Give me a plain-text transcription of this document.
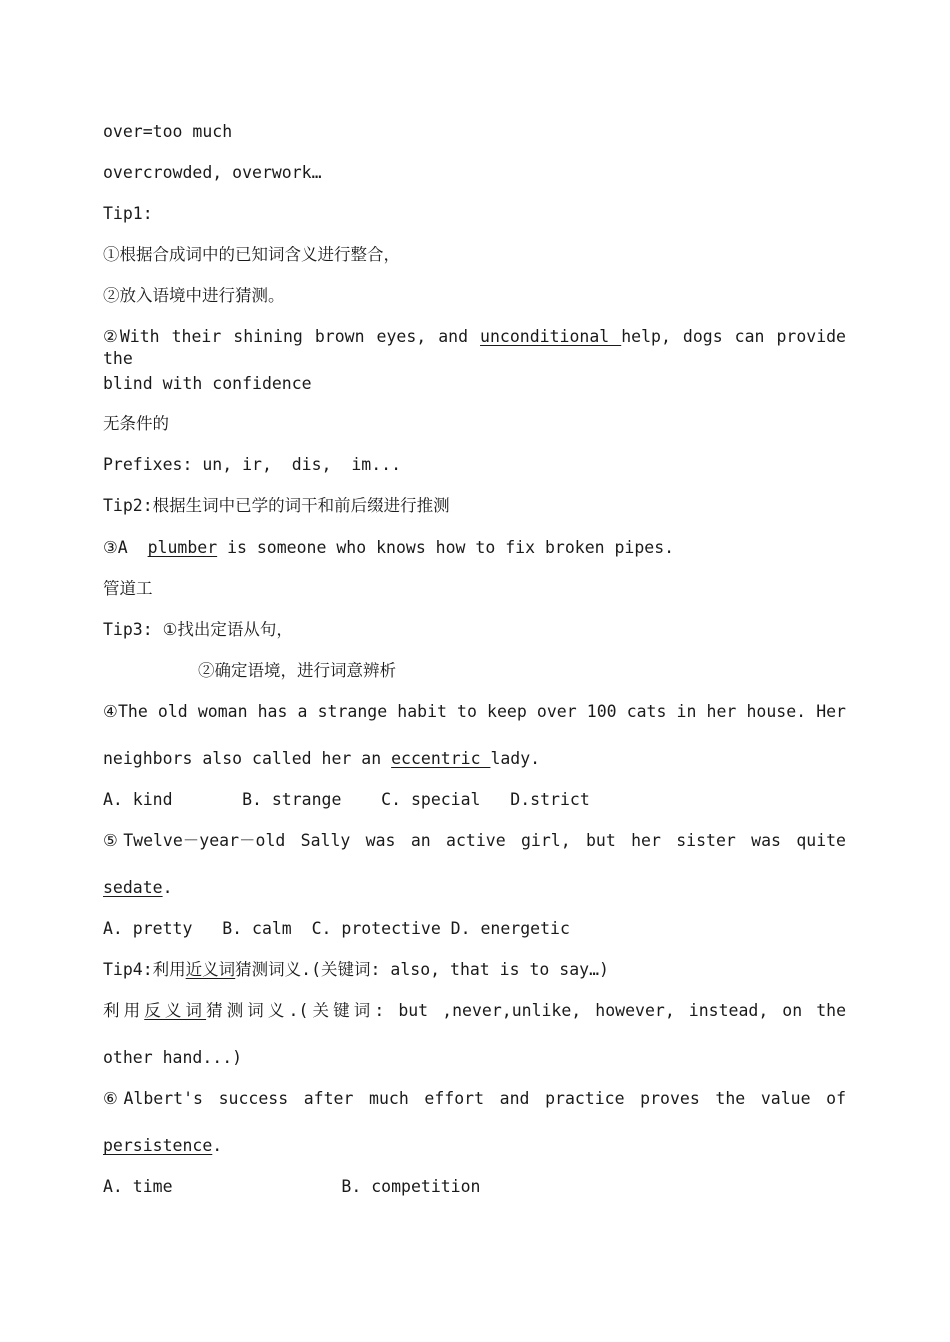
over=too much
overcrowded, overwork…
Tip1:
①根据合成词中的已知词含义进行整合，
②放入语境中进行猜测。
②With their shining brown eyes, and unconditional help, dogs can provide the
blind with confidence
无条件的
Prefixes: un, ir,  dis,  im...
Tip2:根据生词中已学的词干和前后缀进行推测
③A  plumber is someone who knows how to fix broken pipes.
管道工
Tip3: ①找出定语从句，
②确定语境，进行词意辨析
④The old woman has a strange habit to keep over 100 cats in her house. Her
neighbors also called her an eccentric lady.
A. kind       B. strange    C. special   D.strict
⑤Twelve－year－old Sally was an active girl, but her sister was quite
sedate.
A. pretty   B. calm  C. protective D. energetic
Tip4:利用近义词猜测词义.(关键词: also, that is to say…)
利用反义词猜测词义.(关键词: but ,never,unlike, however, instead, on the
other hand...)
⑥Albert's success after much effort and practice proves the value of
persistence.
A. time                 B. competition
